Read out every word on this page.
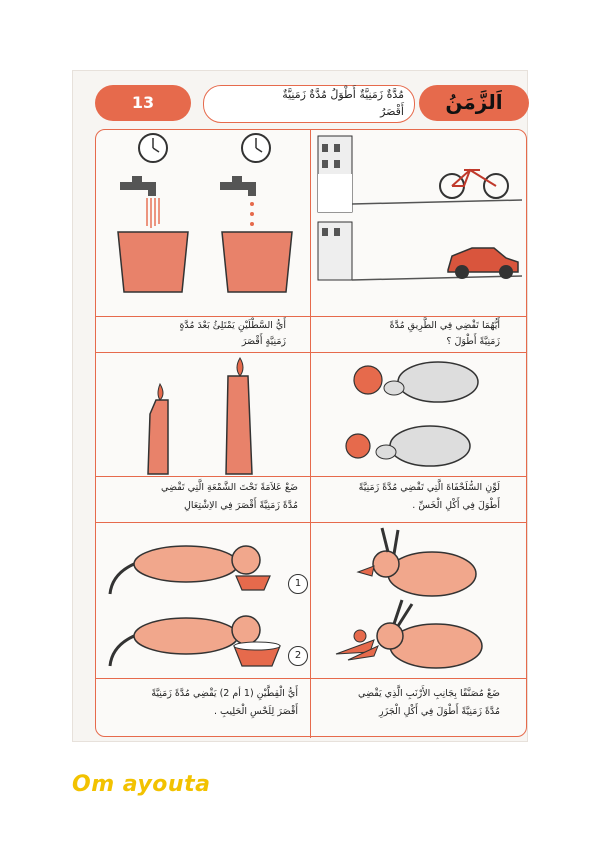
13	مُدَّةٌ زَمَنِيَّةٌ أَطْوَلُ مُدَّةٌ زَمَنِيَّةٌ
أَقْصَرُ	اَلزَّمَنُ
أَيُّ السَّطْلَيْنِ يَمْتَلِئُ بَعْدَ مُدَّةٍ
زَمَنِيَّةٍ أَقْصَرَ
أَيُّهُمَا تَقْضِي فِي الطَّرِيقِ مُدَّةً
زَمَنِيَّةً أَطْوَلَ ؟
ضَعْ عَلاَمَةً تَحْتَ الشَّمْعَةِ الَّتِي تَقْضِي
مُدَّةً زَمَنِيَّةً أَقْصَرَ فِي الاِشْتِعَالِ
لَوِّنِ السُّلَحْفَاةَ الَّتِي تَقْضِي مُدَّةً زَمَنِيَّةً
أَطْوَلَ فِي أَكْلِ الْخَسِّ .
1
2
أَيُّ الْقِطَّيْنِ (1 أم 2) يَقْضِي مُدَّةً زَمَنِيَّةً
أَقْصَرَ لِلَحْسِ الْحَلِيبِ .
ضَعْ مُصَنَّقًا بِجَانِبِ الأَرْنَبِ الَّذِي يَقْضِي
مُدَّةً زَمَنِيَّةً أَطْوَلَ فِي أَكْلِ الْجَزَرِ
Om ayouta
